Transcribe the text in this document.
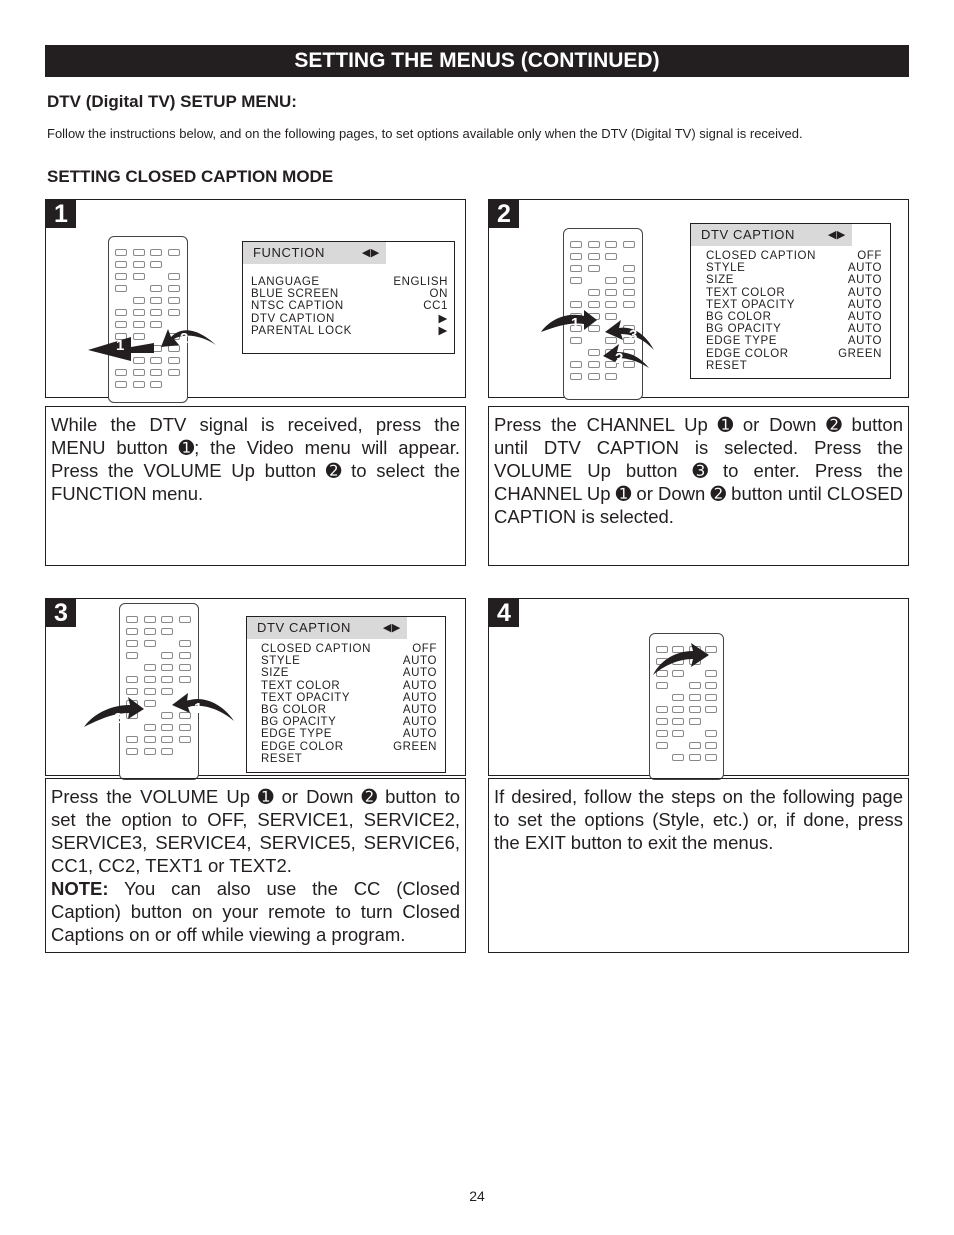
SETTING THE MENUS (CONTINUED)
DTV (Digital TV) SETUP MENU:
Follow the instructions below, and on the following pages, to set options available only when the DTV (Digital TV) signal is received.
SETTING CLOSED CAPTION MODE
1
FUNCTION	◀▶
LANGUAGE	ENGLISH
BLUE SCREEN	ON
NTSC CAPTION	CC1
DTV CAPTION	▶
PARENTAL LOCK	▶
1	2
While the DTV signal is received, press the MENU button ➊; the Video menu will appear. Press the VOLUME Up button ➋ to select the FUNCTION menu.
2
DTV CAPTION	◀▶
CLOSED CAPTION	OFF
STYLE	AUTO
SIZE	AUTO
TEXT COLOR	AUTO
TEXT OPACITY	AUTO
BG COLOR	AUTO
BG OPACITY	AUTO
EDGE TYPE	AUTO
EDGE COLOR	GREEN
RESET
1
3
2
Press the CHANNEL Up ➊ or Down ➋ button until DTV CAPTION is selected. Press the VOLUME Up button ➌ to enter. Press the CHANNEL Up ➊ or Down ➋ button until CLOSED CAPTION is selected.
3
DTV CAPTION	◀▶
CLOSED CAPTION	OFF
STYLE	AUTO
SIZE	AUTO
TEXT COLOR	AUTO
TEXT OPACITY	AUTO
BG COLOR	AUTO
BG OPACITY	AUTO
EDGE TYPE	AUTO
EDGE COLOR	GREEN
RESET
2
1
Press the VOLUME Up ➊ or Down ➋ button to set the option to OFF, SERVICE1, SERVICE2, SERVICE3, SERVICE4, SERVICE5, SERVICE6, CC1, CC2, TEXT1 or TEXT2.
NOTE: You can also use the CC (Closed Caption) button on your remote to turn Closed Captions on or off while viewing a program.
4
If desired, follow the steps on the following page to set the options (Style, etc.) or, if done, press the EXIT button to exit the menus.
24
